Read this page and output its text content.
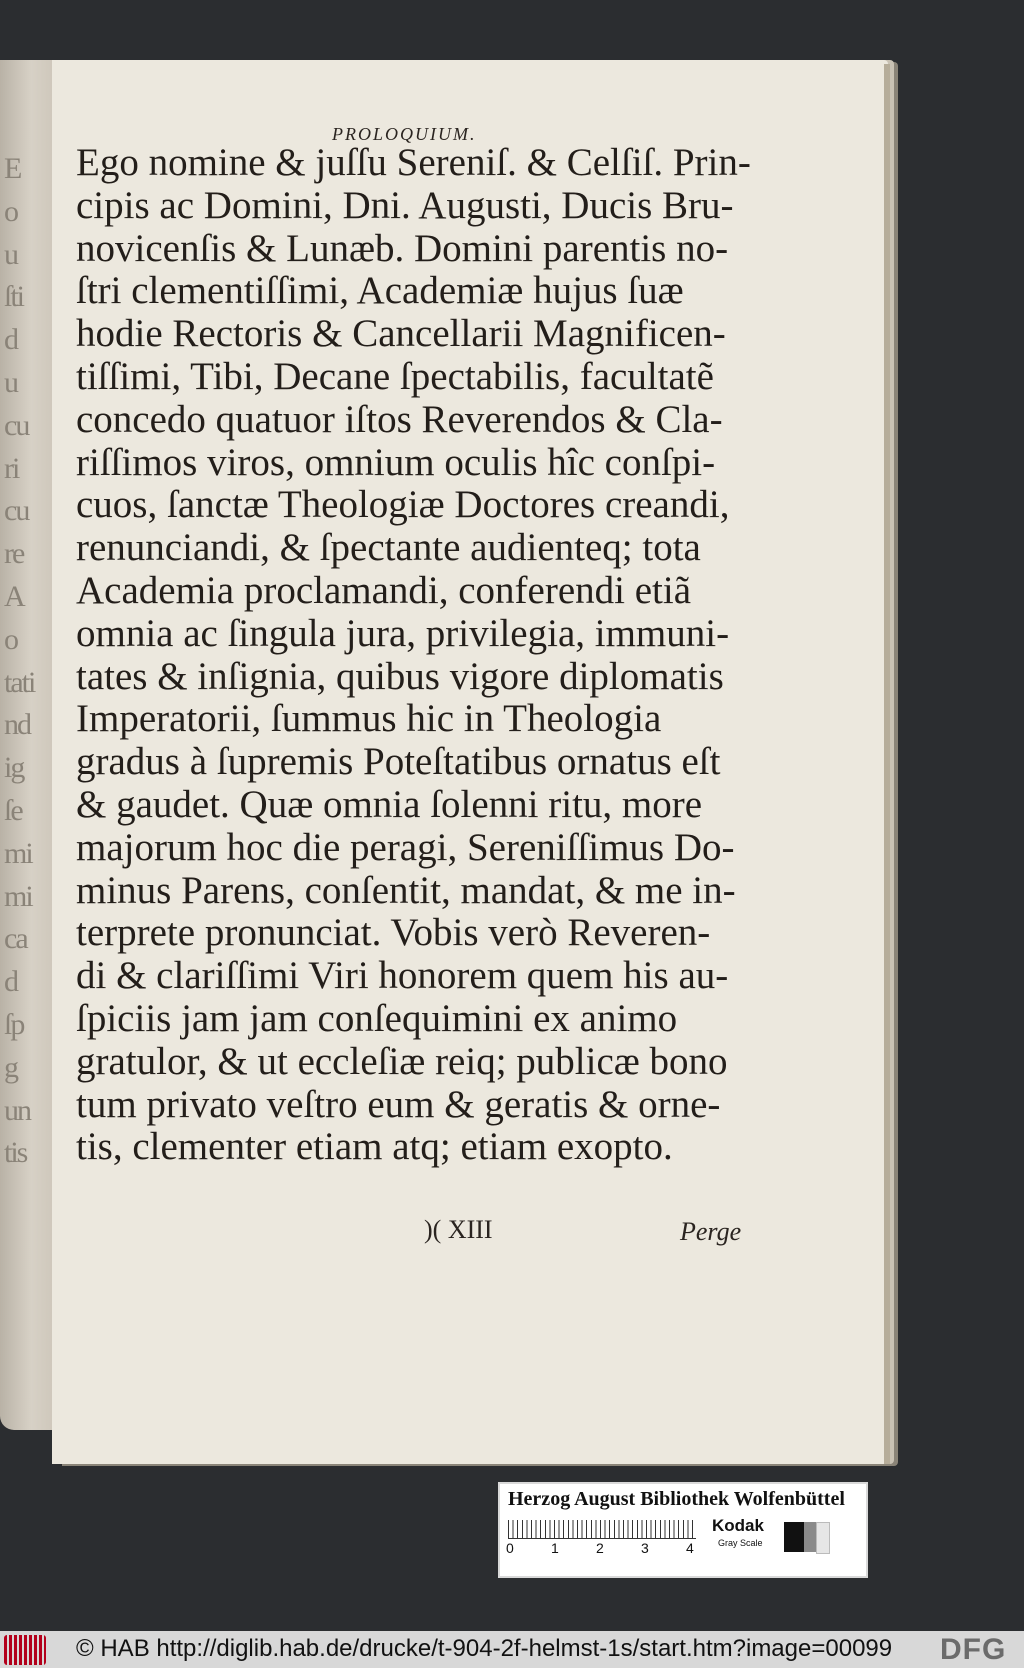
E
o
u
ſti
d
u
cu
ri
cu
re
A
o
tati
nd
ig
ſe
mi
mi
ca
d
ſp
g
un
tis
PROLOQUIUM.
Ego nomine & juſſu Sereniſ. & Celſiſ. Prin-
cipis ac Domini, Dni. Augusti, Ducis Bru-
novicenſis & Lunæb. Domini parentis no-
ſtri clementiſſimi, Academiæ hujus ſuæ
hodie Rectoris & Cancellarii Magnificen-
tiſſimi, Tibi, Decane ſpectabilis, facultatẽ
concedo quatuor iſtos Reverendos & Cla-
riſſimos viros, omnium oculis hîc conſpi-
cuos, ſanctæ Theologiæ Doctores creandi,
renunciandi, & ſpectante audienteq; tota
Academia proclamandi, conferendi etiã
omnia ac ſingula jura, privilegia, immuni-
tates & inſignia, quibus vigore diplomatis
Imperatorii, ſummus hic in Theologia
gradus à ſupremis Poteſtatibus ornatus eſt
& gaudet. Quæ omnia ſolenni ritu, more
majorum hoc die peragi, Sereniſſimus Do-
minus Parens, conſentit, mandat, & me in-
terprete pronunciat. Vobis verò Reveren-
di & clariſſimi Viri honorem quem his au-
ſpiciis jam jam conſequimini ex animo
gratulor, & ut eccleſiæ reiq; publicæ bono
tum privato veſtro eum & geratis & orne-
tis, clementer etiam atq; etiam exopto.
)( XIII	Perge
Herzog August Bibliothek Wolfenbüttel
0	1	2	3	4
Kodak
Gray Scale
© HAB http://diglib.hab.de/drucke/t-904-2f-helmst-1s/start.htm?image=00099 DFG
